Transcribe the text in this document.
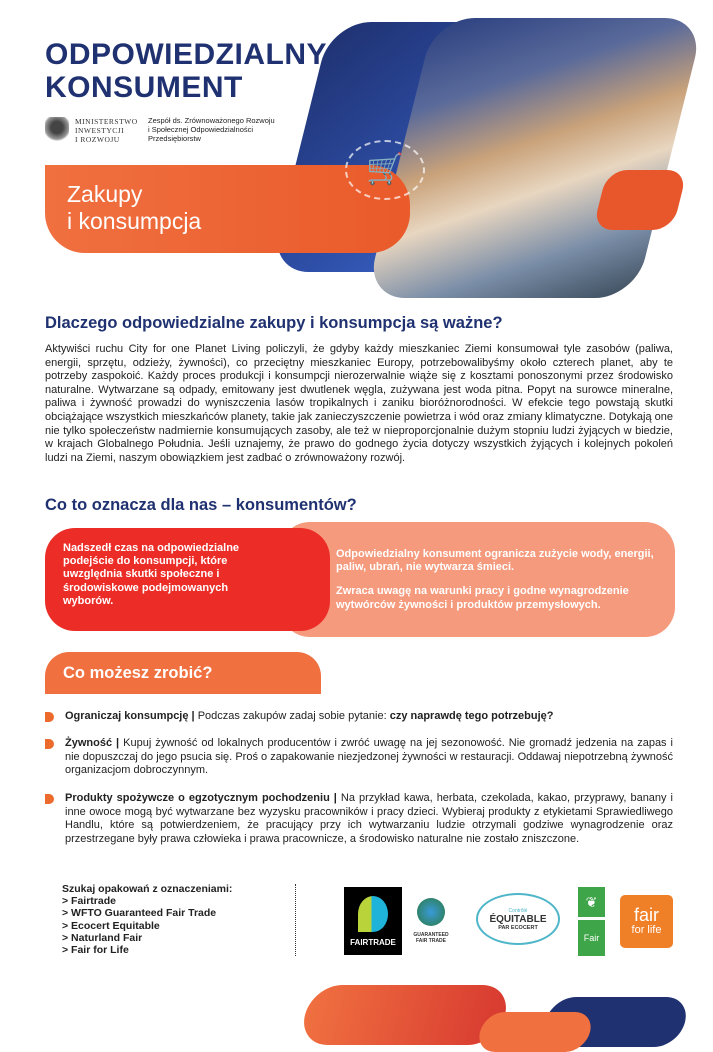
ODPOWIEDZIALNY
KONSUMENT
MINISTERSTWO
INWESTYCJI
I ROZWOJU
Zespół ds. Zrównoważonego Rozwoju
i Społecznej Odpowiedzialności
Przedsiębiorstw
Zakupy
i konsumpcja
🛒
Dlaczego odpowiedzialne zakupy i konsumpcja są ważne?
Aktywiści ruchu City for one Planet Living policzyli, że gdyby każdy mieszkaniec Ziemi konsumował tyle zasobów (paliwa, energii, sprzętu, odzieży, żywności), co przeciętny mieszkaniec Europy, potrzebowalibyśmy około czterech planet, aby te potrzeby zaspokoić. Każdy proces produkcji i konsumpcji nierozerwalnie wiąże się z kosztami ponoszonymi przez środowisko naturalne. Wytwarzane są odpady, emitowany jest dwutlenek węgla, zużywana jest woda pitna. Popyt na surowce mineralne, paliwa i żywność prowadzi do wyniszczenia lasów tropikalnych i zaniku bioróżnorodności. W efekcie tego powstają skutki obciążające wszystkich mieszkańców planety, takie jak zanieczyszczenie powietrza i wód oraz zmiany klimatyczne. Dotykają one nie tylko społeczeństw nadmiernie konsumujących zasoby, ale też w nieproporcjonalnie dużym stopniu ludzi żyjących w biedzie, w krajach Globalnego Południa. Jeśli uznajemy, że prawo do godnego życia dotyczy wszystkich żyjących i kolejnych pokoleń ludzi na Ziemi, naszym obowiązkiem jest zadbać o zrównoważony rozwój.
Co to oznacza dla nas – konsumentów?

Odpowiedzialny konsument ogranicza zużycie wody, energii, paliw, ubrań, nie wytwarza śmieci.

Zwraca uwagę na warunki pracy i godne wynagrodzenie wytwórców żywności i produktów przemysłowych.

Nadszedł czas na odpowiedzialne podejście do konsumpcji, które uwzględnia skutki społeczne i środowiskowe podejmowanych wyborów.
Co możesz zrobić?
Ograniczaj konsumpcję | Podczas zakupów zadaj sobie pytanie: czy naprawdę tego potrzebuję?
Żywność | Kupuj żywność od lokalnych producentów i zwróć uwagę na jej sezonowość. Nie gromadź jedzenia na zapas i nie dopuszczaj do jego psucia się. Proś o zapakowanie niezjedzonej żywności w restauracji. Oddawaj niepotrzebną żywność organizacjom dobroczynnym.
Produkty spożywcze o egzotycznym pochodzeniu | Na przykład kawa, herbata, czekolada, kakao, przyprawy, banany i inne owoce mogą być wytwarzane bez wyzysku pracowników i pracy dzieci. Wybieraj produkty z etykietami Sprawiedliwego Handlu, które są potwierdzeniem, że pracujący przy ich wytwarzaniu ludzie otrzymali godziwe wynagrodzenie oraz przestrzegane były prawa człowieka i prawa pracownicze, a środowisko naturalne nie zostało zniszczone.
Szukaj opakowań z oznaczeniami:
> Fairtrade
> WFTO Guaranteed Fair Trade
> Ecocert Equitable
> Naturland Fair
> Fair for Life
FAIRTRADE
GUARANTEED FAIR TRADE
Contrôlé
ÉQUITABLE
PAR ECOCERT
❦
Fair
fair
for life
